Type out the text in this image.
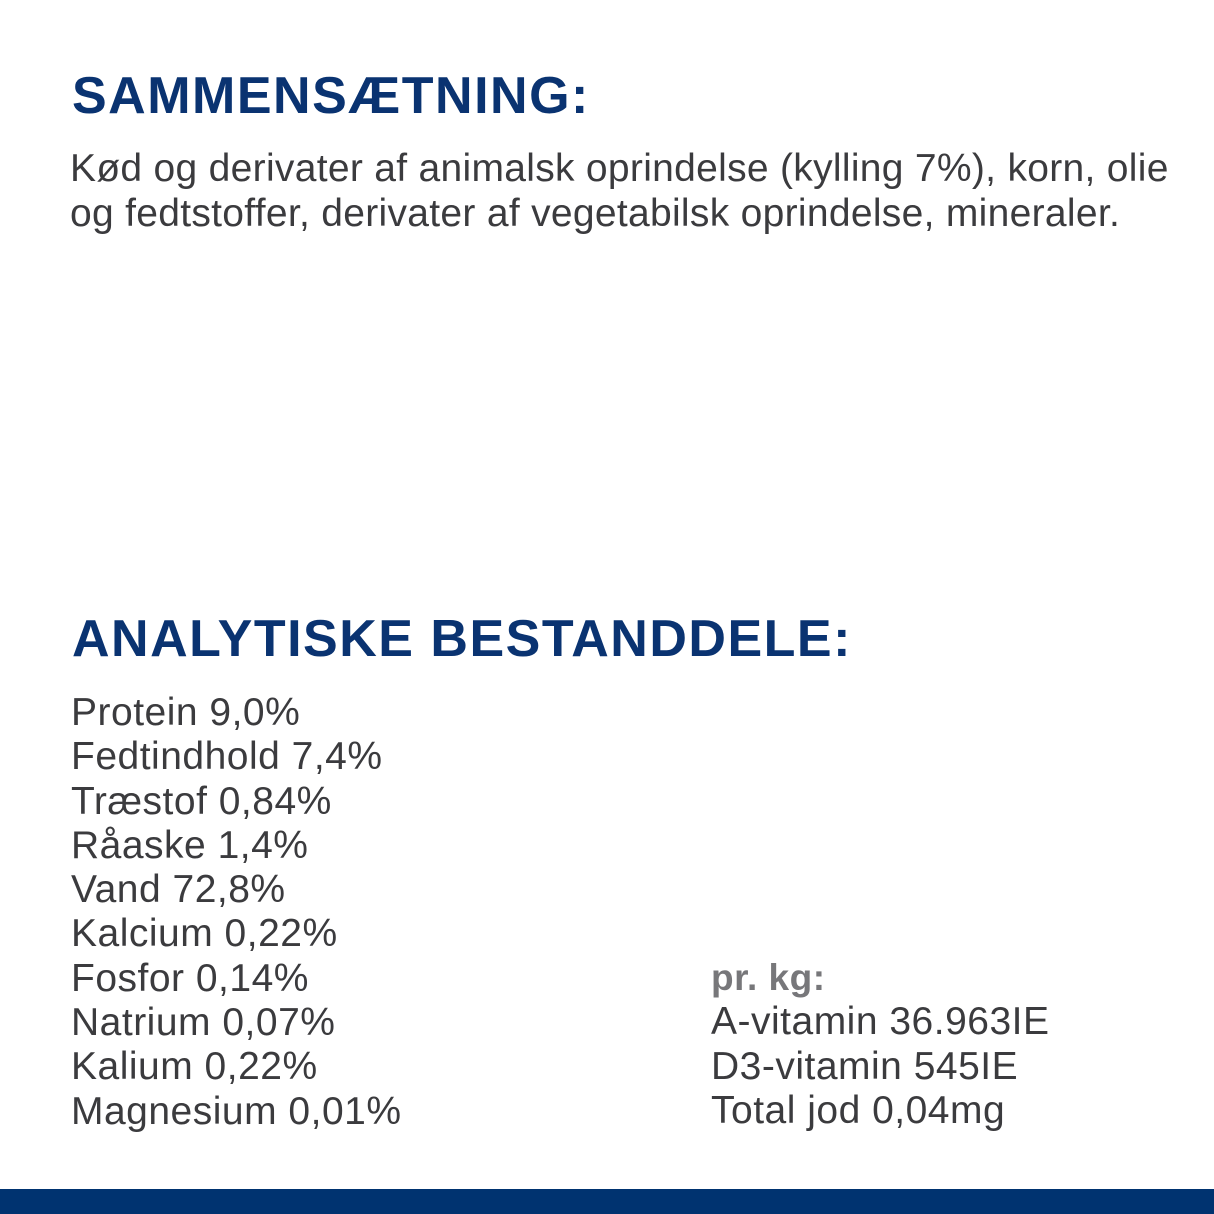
SAMMENSÆTNING:

Kød og derivater af animalsk oprindelse (kylling 7%), korn, olie og fedtstoffer, derivater af vegetabilsk oprindelse, mineraler.

ANALYTISKE BESTANDDELE:
Protein 9,0%
Fedtindhold 7,4%
Træstof 0,84%
Råaske 1,4%
Vand 72,8%
Kalcium 0,22%
Fosfor 0,14%
Natrium 0,07%
Kalium 0,22%
Magnesium 0,01%
pr. kg:
A-vitamin 36.963IE
D3-vitamin 545IE
Total jod 0,04mg
